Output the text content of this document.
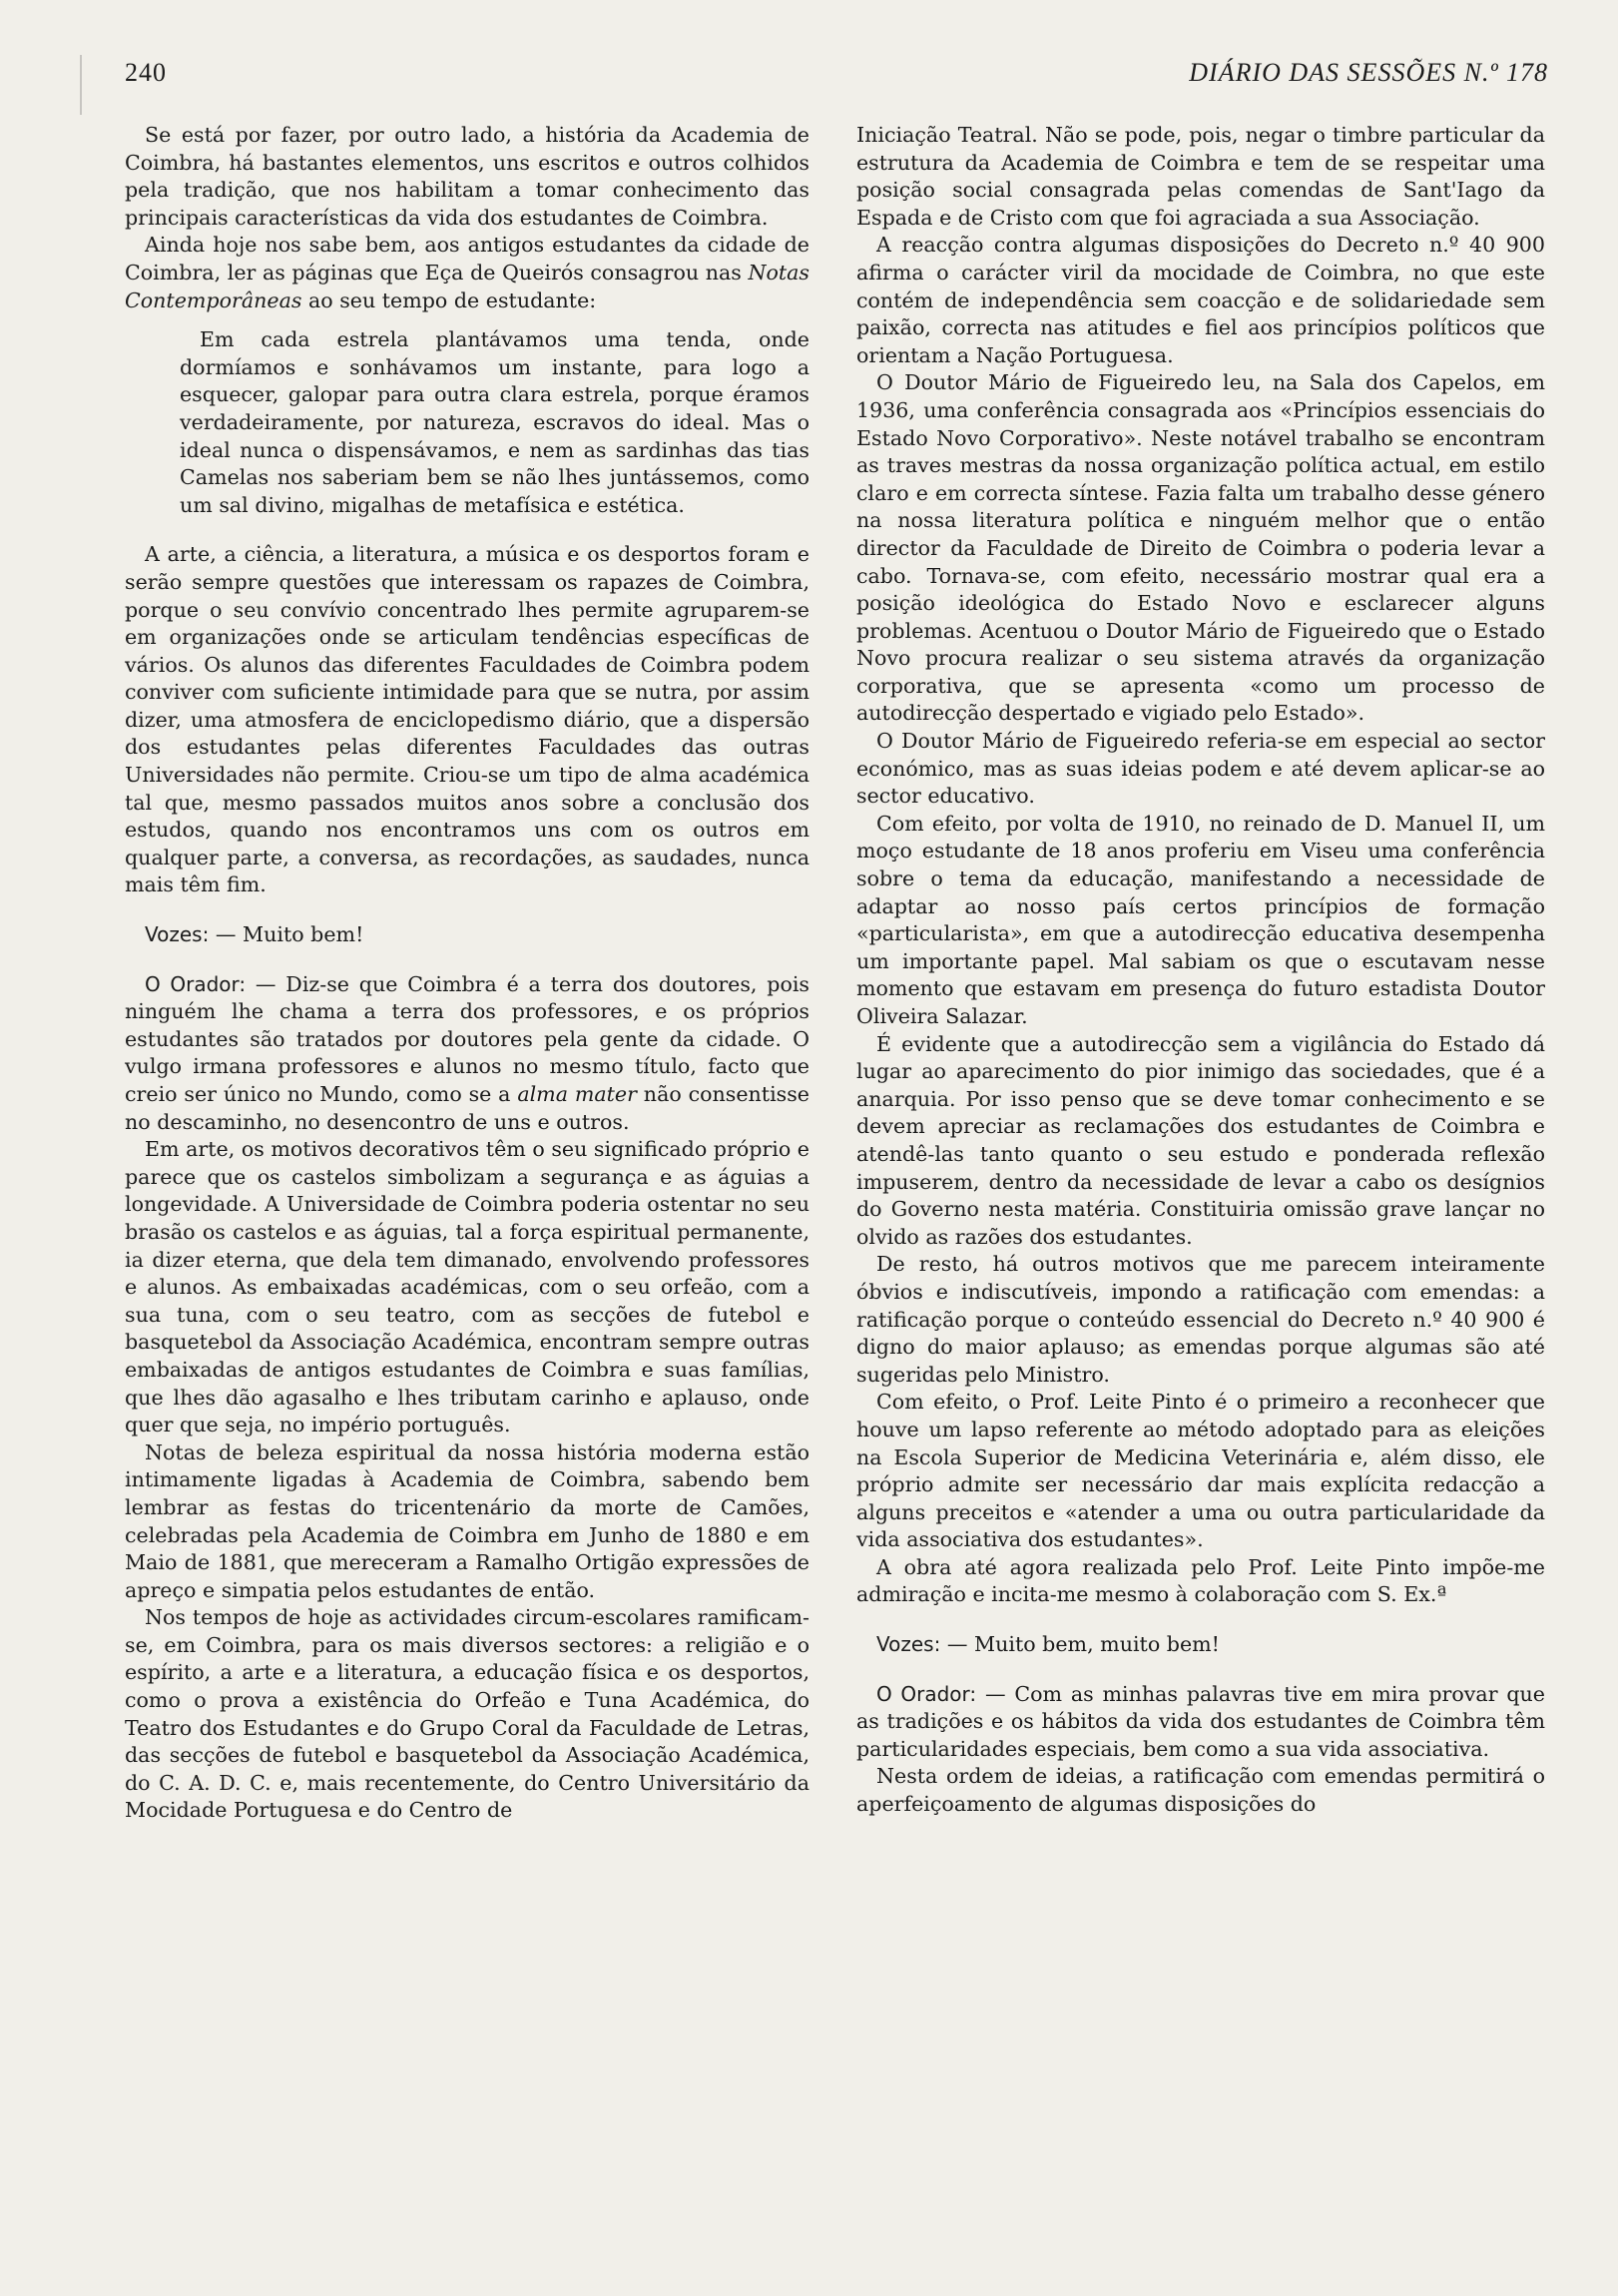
240	DIÁRIO DAS SESSÕES N.º 178

Se está por fazer, por outro lado, a história da Academia de Coimbra, há bastantes elementos, uns escritos e outros colhidos pela tradição, que nos habilitam a tomar conhecimento das principais características da vida dos estudantes de Coimbra.

Ainda hoje nos sabe bem, aos antigos estudantes da cidade de Coimbra, ler as páginas que Eça de Queirós consagrou nas Notas Contemporâneas ao seu tempo de estudante:

Em cada estrela plantávamos uma tenda, onde dormíamos e sonhávamos um instante, para logo a esquecer, galopar para outra clara estrela, porque éramos verdadeiramente, por natureza, escravos do ideal. Mas o ideal nunca o dispensávamos, e nem as sardinhas das tias Camelas nos saberiam bem se não lhes juntássemos, como um sal divino, migalhas de metafísica e estética.

A arte, a ciência, a literatura, a música e os desportos foram e serão sempre questões que interessam os rapazes de Coimbra, porque o seu convívio concentrado lhes permite agruparem-se em organizações onde se articulam tendências específicas de vários. Os alunos das diferentes Faculdades de Coimbra podem conviver com suficiente intimidade para que se nutra, por assim dizer, uma atmosfera de enciclopedismo diário, que a dispersão dos estudantes pelas diferentes Faculdades das outras Universidades não permite. Criou-se um tipo de alma académica tal que, mesmo passados muitos anos sobre a conclusão dos estudos, quando nos encontramos uns com os outros em qualquer parte, a conversa, as recordações, as saudades, nunca mais têm fim.

Vozes: — Muito bem!

O Orador: — Diz-se que Coimbra é a terra dos doutores, pois ninguém lhe chama a terra dos professores, e os próprios estudantes são tratados por doutores pela gente da cidade. O vulgo irmana professores e alunos no mesmo título, facto que creio ser único no Mundo, como se a alma mater não consentisse no descaminho, no desencontro de uns e outros.

Em arte, os motivos decorativos têm o seu significado próprio e parece que os castelos simbolizam a segurança e as águias a longevidade. A Universidade de Coimbra poderia ostentar no seu brasão os castelos e as águias, tal a força espiritual permanente, ia dizer eterna, que dela tem dimanado, envolvendo professores e alunos. As embaixadas académicas, com o seu orfeão, com a sua tuna, com o seu teatro, com as secções de futebol e basquetebol da Associação Académica, encontram sempre outras embaixadas de antigos estudantes de Coimbra e suas famílias, que lhes dão agasalho e lhes tributam carinho e aplauso, onde quer que seja, no império português.

Notas de beleza espiritual da nossa história moderna estão intimamente ligadas à Academia de Coimbra, sabendo bem lembrar as festas do tricentenário da morte de Camões, celebradas pela Academia de Coimbra em Junho de 1880 e em Maio de 1881, que mereceram a Ramalho Ortigão expressões de apreço e simpatia pelos estudantes de então.

Nos tempos de hoje as actividades circum-escolares ramificam-se, em Coimbra, para os mais diversos sectores: a religião e o espírito, a arte e a literatura, a educação física e os desportos, como o prova a existência do Orfeão e Tuna Académica, do Teatro dos Estudantes e do Grupo Coral da Faculdade de Letras, das secções de futebol e basquetebol da Associação Académica, do C. A. D. C. e, mais recentemente, do Centro Universitário da Mocidade Portuguesa e do Centro de

Iniciação Teatral. Não se pode, pois, negar o timbre particular da estrutura da Academia de Coimbra e tem de se respeitar uma posição social consagrada pelas comendas de Sant'Iago da Espada e de Cristo com que foi agraciada a sua Associação.

A reacção contra algumas disposições do Decreto n.º 40 900 afirma o carácter viril da mocidade de Coimbra, no que este contém de independência sem coacção e de solidariedade sem paixão, correcta nas atitudes e fiel aos princípios políticos que orientam a Nação Portuguesa.

O Doutor Mário de Figueiredo leu, na Sala dos Capelos, em 1936, uma conferência consagrada aos «Princípios essenciais do Estado Novo Corporativo». Neste notável trabalho se encontram as traves mestras da nossa organização política actual, em estilo claro e em correcta síntese. Fazia falta um trabalho desse género na nossa literatura política e ninguém melhor que o então director da Faculdade de Direito de Coimbra o poderia levar a cabo. Tornava-se, com efeito, necessário mostrar qual era a posição ideológica do Estado Novo e esclarecer alguns problemas. Acentuou o Doutor Mário de Figueiredo que o Estado Novo procura realizar o seu sistema através da organização corporativa, que se apresenta «como um processo de autodirecção despertado e vigiado pelo Estado».

O Doutor Mário de Figueiredo referia-se em especial ao sector económico, mas as suas ideias podem e até devem aplicar-se ao sector educativo.

Com efeito, por volta de 1910, no reinado de D. Manuel II, um moço estudante de 18 anos proferiu em Viseu uma conferência sobre o tema da educação, manifestando a necessidade de adaptar ao nosso país certos princípios de formação «particularista», em que a autodirecção educativa desempenha um importante papel. Mal sabiam os que o escutavam nesse momento que estavam em presença do futuro estadista Doutor Oliveira Salazar.

É evidente que a autodirecção sem a vigilância do Estado dá lugar ao aparecimento do pior inimigo das sociedades, que é a anarquia. Por isso penso que se deve tomar conhecimento e se devem apreciar as reclamações dos estudantes de Coimbra e atendê-las tanto quanto o seu estudo e ponderada reflexão impuserem, dentro da necessidade de levar a cabo os desígnios do Governo nesta matéria. Constituiria omissão grave lançar no olvido as razões dos estudantes.

De resto, há outros motivos que me parecem inteiramente óbvios e indiscutíveis, impondo a ratificação com emendas: a ratificação porque o conteúdo essencial do Decreto n.º 40 900 é digno do maior aplauso; as emendas porque algumas são até sugeridas pelo Ministro.

Com efeito, o Prof. Leite Pinto é o primeiro a reconhecer que houve um lapso referente ao método adoptado para as eleições na Escola Superior de Medicina Veterinária e, além disso, ele próprio admite ser necessário dar mais explícita redacção a alguns preceitos e «atender a uma ou outra particularidade da vida associativa dos estudantes».

A obra até agora realizada pelo Prof. Leite Pinto impõe-me admiração e incita-me mesmo à colaboração com S. Ex.ª

Vozes: — Muito bem, muito bem!

O Orador: — Com as minhas palavras tive em mira provar que as tradições e os hábitos da vida dos estudantes de Coimbra têm particularidades especiais, bem como a sua vida associativa.

Nesta ordem de ideias, a ratificação com emendas permitirá o aperfeiçoamento de algumas disposições do
